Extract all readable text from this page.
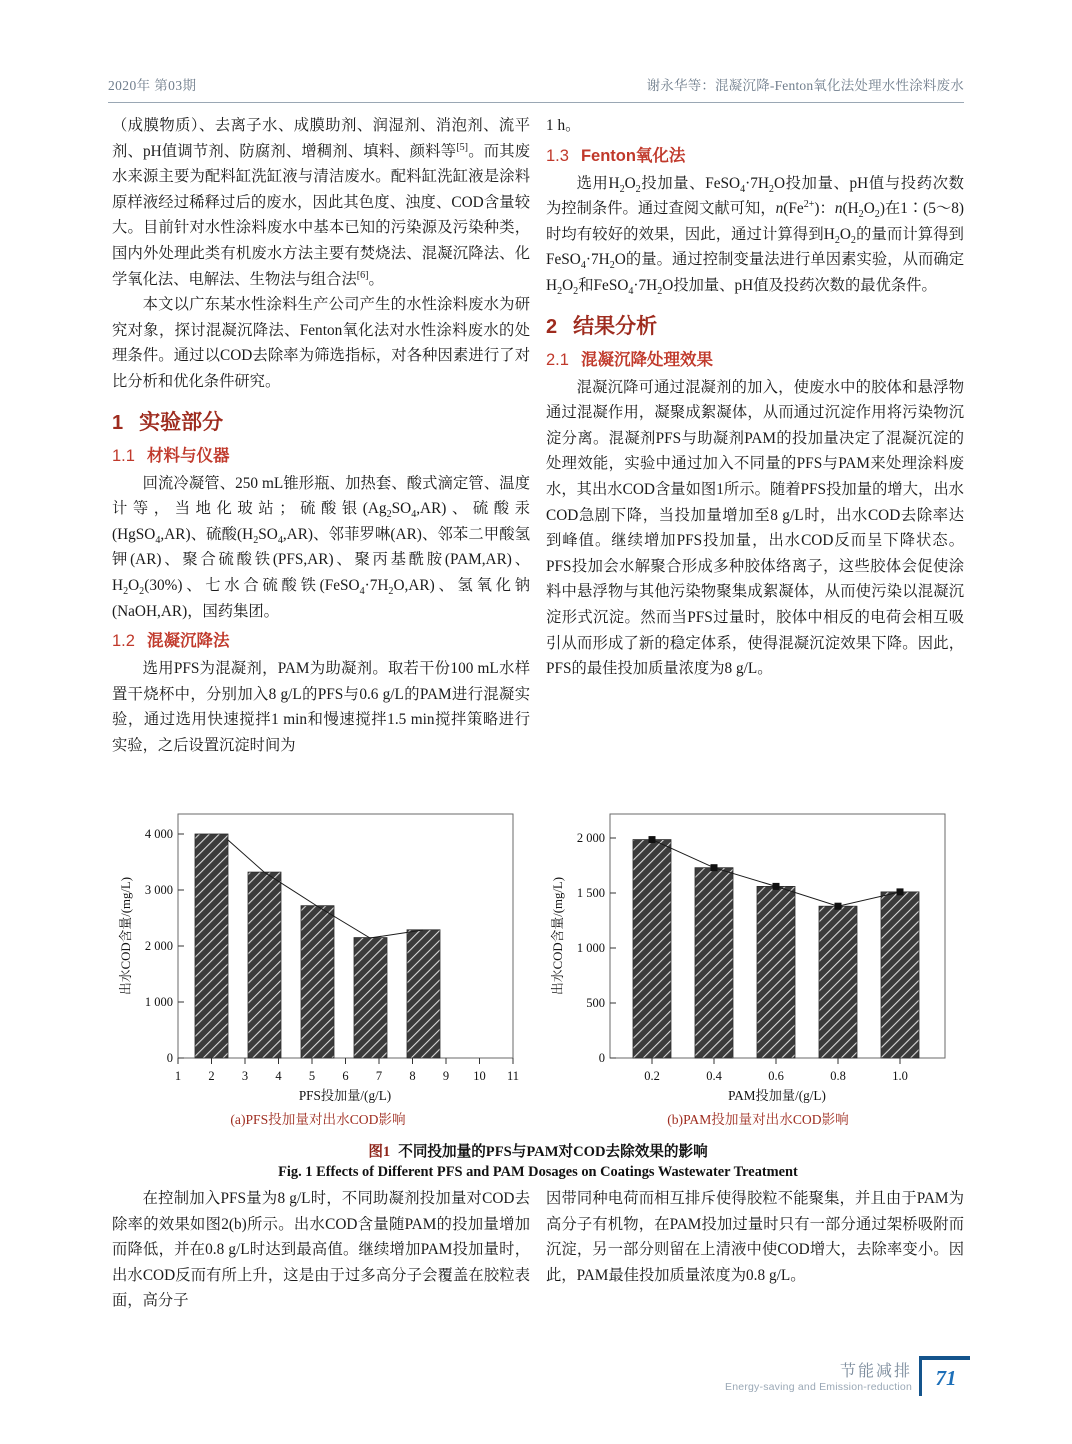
2020年 第03期	谢永华等：混凝沉降-Fenton氧化法处理水性涂料废水

（成膜物质）、去离子水、成膜助剂、润湿剂、消泡剂、流平剂、pH值调节剂、防腐剂、增稠剂、填料、颜料等[5]。而其废水来源主要为配料缸洗缸液与清洁废水。配料缸洗缸液是涂料原样液经过稀释过后的废水，因此其色度、浊度、COD含量较大。目前针对水性涂料废水中基本已知的污染源及污染种类，国内外处理此类有机废水方法主要有焚烧法、混凝沉降法、化学氧化法、电解法、生物法与组合法[6]。

本文以广东某水性涂料生产公司产生的水性涂料废水为研究对象，探讨混凝沉降法、Fenton氧化法对水性涂料废水的处理条件。通过以COD去除率为筛选指标，对各种因素进行了对比分析和优化条件研究。

1 实验部分
1.1 材料与仪器

回流冷凝管、250 mL锥形瓶、加热套、酸式滴定管、温度计等，当地化玻站；硫酸银$(Ag_2SO_4,AR)$、硫酸汞(HgSO$_4$,AR)、硫酸$(H_2SO_4,AR)$、邻菲罗啉(AR)、邻苯二甲酸氢钾(AR)、聚合硫酸铁(PFS,AR)、聚丙基酰胺(PAM,AR)、$H_2O_2(30\%)$、七水合硫酸铁$(FeSO_4\cdot 7H_2O,AR)$、氢氧化钠(NaOH,AR)，国药集团。

1.2 混凝沉降法

选用PFS为混凝剂，PAM为助凝剂。取若干份100 mL水样置干烧杯中，分别加入8 g/L的PFS与0.6 g/L的PAM进行混凝实验，通过选用快速搅拌1 min和慢速搅拌1.5 min搅拌策略进行实验，之后设置沉淀时间为

1 h。

1.3 Fenton氧化法

选用$H_2O_2$投加量、$FeSO_4\cdot 7H_2O$投加量、pH值与投药次数为控制条件。通过查阅文献可知，$n(Fe^{2+})$：$n(H_2O_2)$在1∶(5～8)时均有较好的效果，因此，通过计算得到$H_2O_2$的量而计算得到$FeSO_4\cdot 7H_2O$的量。通过控制变量法进行单因素实验，从而确定$H_2O_2$和$FeSO_4\cdot 7H_2O$投加量、pH值及投药次数的最优条件。

2 结果分析
2.1 混凝沉降处理效果

混凝沉降可通过混凝剂的加入，使废水中的胶体和悬浮物通过混凝作用，凝聚成絮凝体，从而通过沉淀作用将污染物沉淀分离。混凝剂PFS与助凝剂PAM的投加量决定了混凝沉淀的处理效能，实验中通过加入不同量的PFS与PAM来处理涂料废水，其出水COD含量如图1所示。随着PFS投加量的增大，出水COD急剧下降，当投加量增加至8 g/L时，出水COD去除率达到峰值。继续增加PFS投加量，出水COD反而呈下降状态。PFS投加会水解聚合形成多种胶体络离子，这些胶体会促使涂料中悬浮物与其他污染物聚集成絮凝体，从而使污染以混凝沉淀形式沉淀。然而当PFS过量时，胶体中相反的电荷会相互吸引从而形成了新的稳定体系，使得混凝沉淀效果下降。因此，PFS的最佳投加质量浓度为8 g/L。

0
1 000
2 000
3 000
4 000
出水COD含量/(mg/L)
1 2 3 4 5 6 7 8 9 10 11
PFS投加量/(g/L)
(a)PFS投加量对出水COD影响
0
500
1 000
1 500
2 000
出水COD含量/(mg/L)
0.2	0.4	0.6	0.8	1.0
PAM投加量/(g/L)
(b)PAM投加量对出水COD影响
图1 不同投加量的PFS与PAM对COD去除效果的影响
Fig. 1 Effects of Different PFS and PAM Dosages on Coatings Wastewater Treatment

在控制加入PFS量为8 g/L时，不同助凝剂投加量对COD去除率的效果如图2(b)所示。出水COD含量随PAM的投加量增加而降低，并在0.8 g/L时达到最高值。继续增加PAM投加量时，出水COD反而有所上升，这是由于过多高分子会覆盖在胶粒表面，高分子

因带同种电荷而相互排斥使得胶粒不能聚集，并且由于PAM为高分子有机物，在PAM投加过量时只有一部分通过架桥吸附而沉淀，另一部分则留在上清液中使COD增大，去除率变小。因此，PAM最佳投加质量浓度为0.8 g/L。

节能减排
Energy-saving and Emission-reduction	71
